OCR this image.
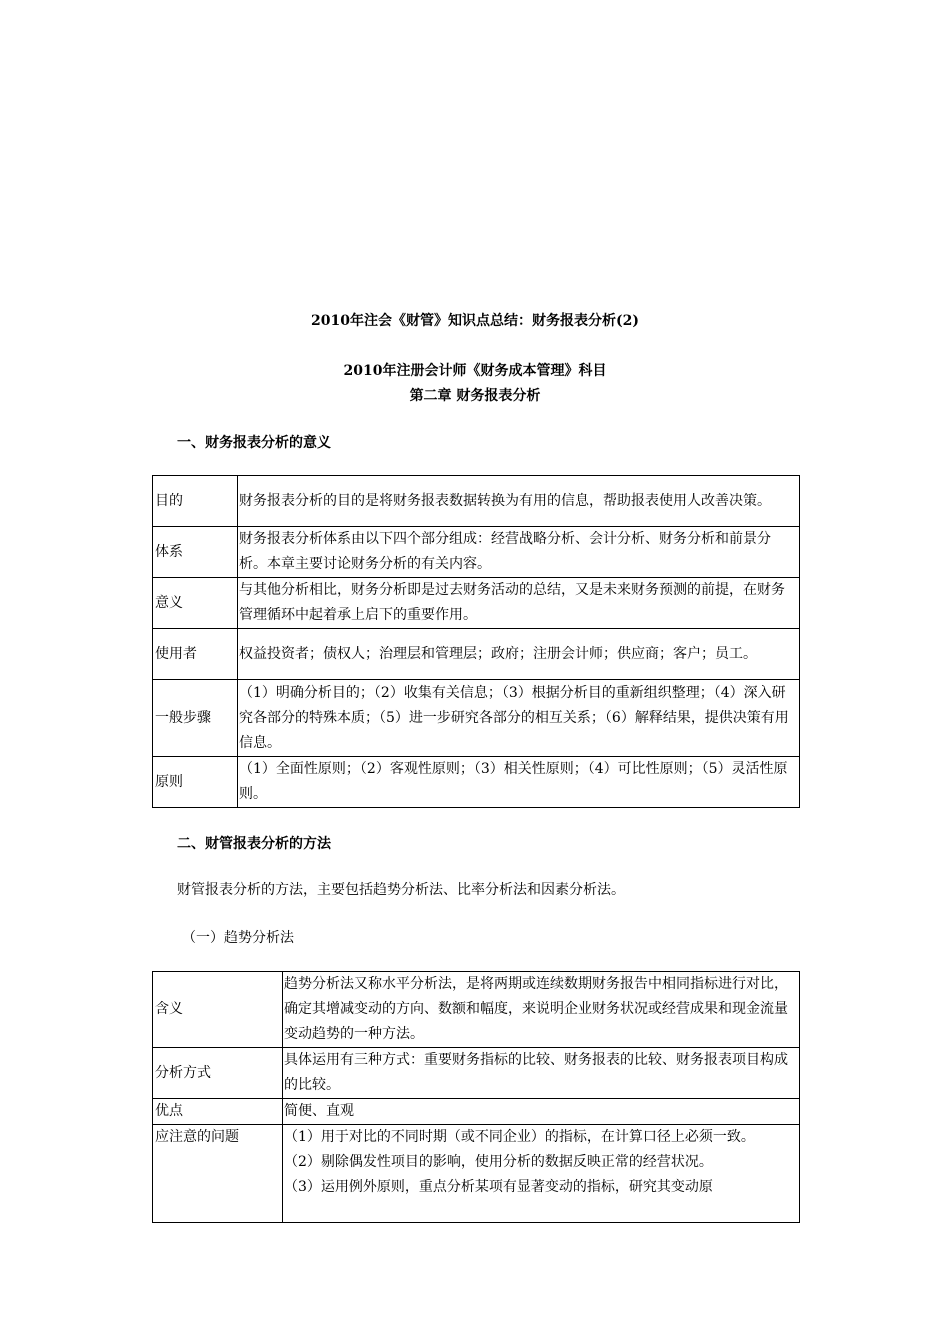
2010年注会《财管》知识点总结：财务报表分析(2)
2010年注册会计师《财务成本管理》科目
第二章 财务报表分析
一、财务报表分析的意义
目的	财务报表分析的目的是将财务报表数据转换为有用的信息，帮助报表使用人改善决策。
体系	财务报表分析体系由以下四个部分组成：经营战略分析、会计分析、财务分析和前景分析。本章主要讨论财务分析的有关内容。
意义	与其他分析相比，财务分析即是过去财务活动的总结，又是未来财务预测的前提，在财务管理循环中起着承上启下的重要作用。
使用者	权益投资者；债权人；治理层和管理层；政府；注册会计师；供应商；客户；员工。
一般步骤	（1）明确分析目的；（2）收集有关信息；（3）根据分析目的重新组织整理；（4）深入研究各部分的特殊本质；（5）进一步研究各部分的相互关系；（6）解释结果，提供决策有用信息。
原则	（1）全面性原则；（2）客观性原则；（3）相关性原则；（4）可比性原则；（5）灵活性原则。
二、财管报表分析的方法

财管报表分析的方法，主要包括趋势分析法、比率分析法和因素分析法。

（一）趋势分析法

含义	趋势分析法又称水平分析法，是将两期或连续数期财务报告中相同指标进行对比，确定其增减变动的方向、数额和幅度，来说明企业财务状况或经营成果和现金流量变动趋势的一种方法。
分析方式	具体运用有三种方式：重要财务指标的比较、财务报表的比较、财务报表项目构成的比较。
优点	简便、直观
应注意的问题	（1）用于对比的不同时期（或不同企业）的指标，在计算口径上必须一致。
（2）剔除偶发性项目的影响，使用分析的数据反映正常的经营状况。
（3）运用例外原则，重点分析某项有显著变动的指标，研究其变动原
